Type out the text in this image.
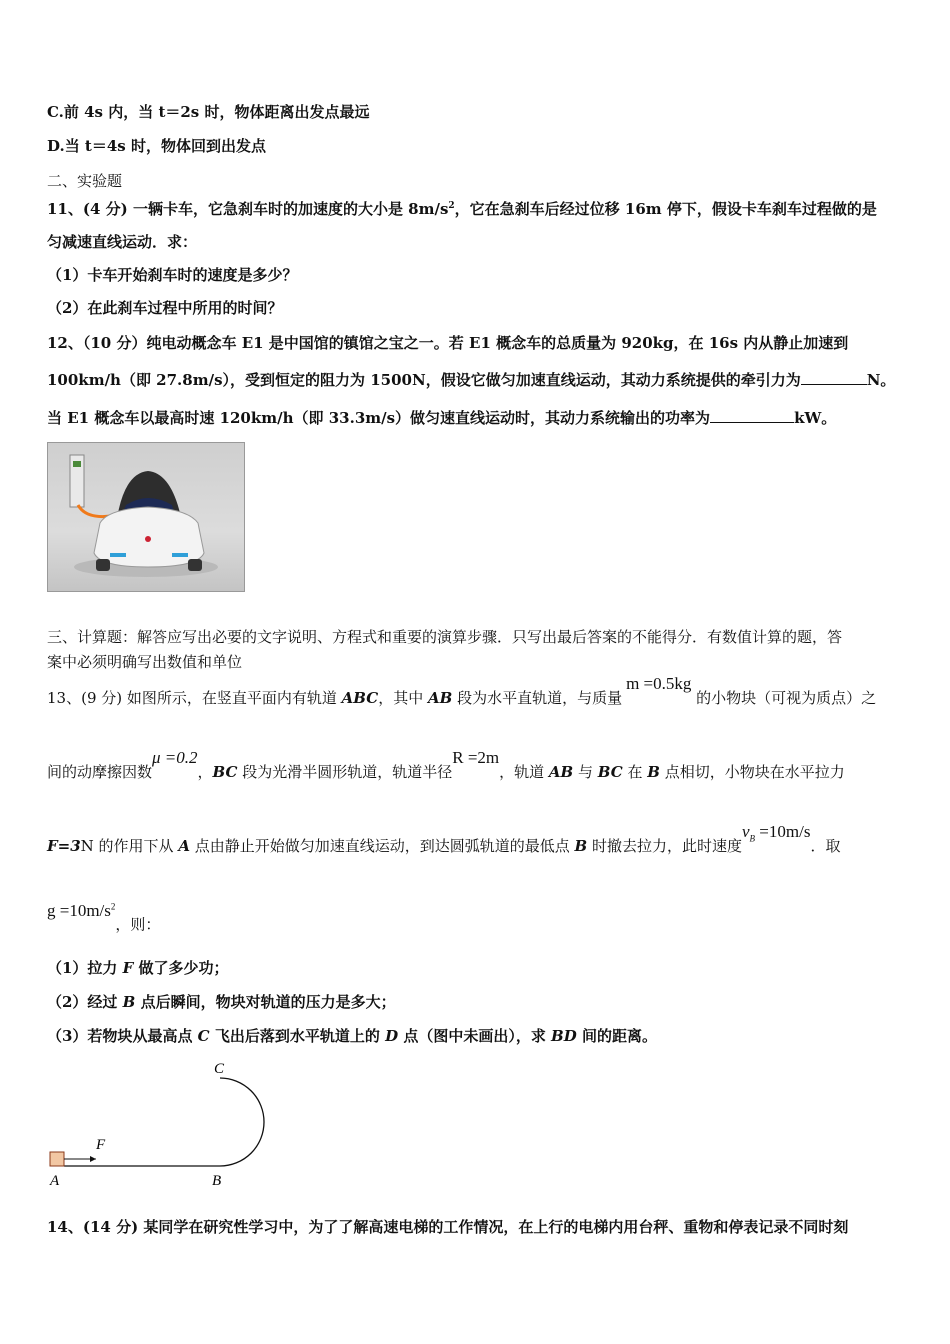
C.前 4s 内，当 t＝2s 时，物体距离出发点最远
D.当 t＝4s 时，物体回到出发点
二、实验题
11、(4 分) 一辆卡车，它急刹车时的加速度的大小是 $8m/s^2$，它在急刹车后经过位移 16m 停下，假设卡车刹车过程做的是
匀减速直线运动．求：
（1）卡车开始刹车时的速度是多少？
（2）在此刹车过程中所用的时间？
12、（10 分）纯电动概念车 E1 是中国馆的镇馆之宝之一。若 E1 概念车的总质量为 920kg，在 16s 内从静止加速到
100km/h（即 27.8m/s），受到恒定的阻力为 1500N，假设它做匀加速直线运动，其动力系统提供的牵引力为	N。
当 E1 概念车以最高时速 120km/h（即 33.3m/s）做匀速直线运动时，其动力系统输出的功率为	kW。
三、计算题：解答应写出必要的文字说明、方程式和重要的演算步骤．只写出最后答案的不能得分．有数值计算的题，答
案中必须明确写出数值和单位
13、(9 分) 如图所示，在竖直平面内有轨道 ABC，其中 AB 段为水平直轨道，与质量m =0.5kg 的小物块（可视为质点）之
间的动摩擦因数μ =0.2，BC 段为光滑半圆形轨道，轨道半径R =2m，轨道 AB 与 BC 在 B 点相切，小物块在水平拉力
F=3N 的作用下从 A 点由静止开始做匀加速直线运动，到达圆弧轨道的最低点 B 时撤去拉力，此时速度$v_B =10m/s$．取
$g =10m/s^2$，则：
（1）拉力 F 做了多少功；
（2）经过 B 点后瞬间，物块对轨道的压力是多大；
（3）若物块从最高点 C 飞出后落到水平轨道上的 D 点（图中未画出），求 BD 间的距离。
C
F
A	B
14、(14 分) 某同学在研究性学习中，为了了解高速电梯的工作情况，在上行的电梯内用台秤、重物和停表记录不同时刻
